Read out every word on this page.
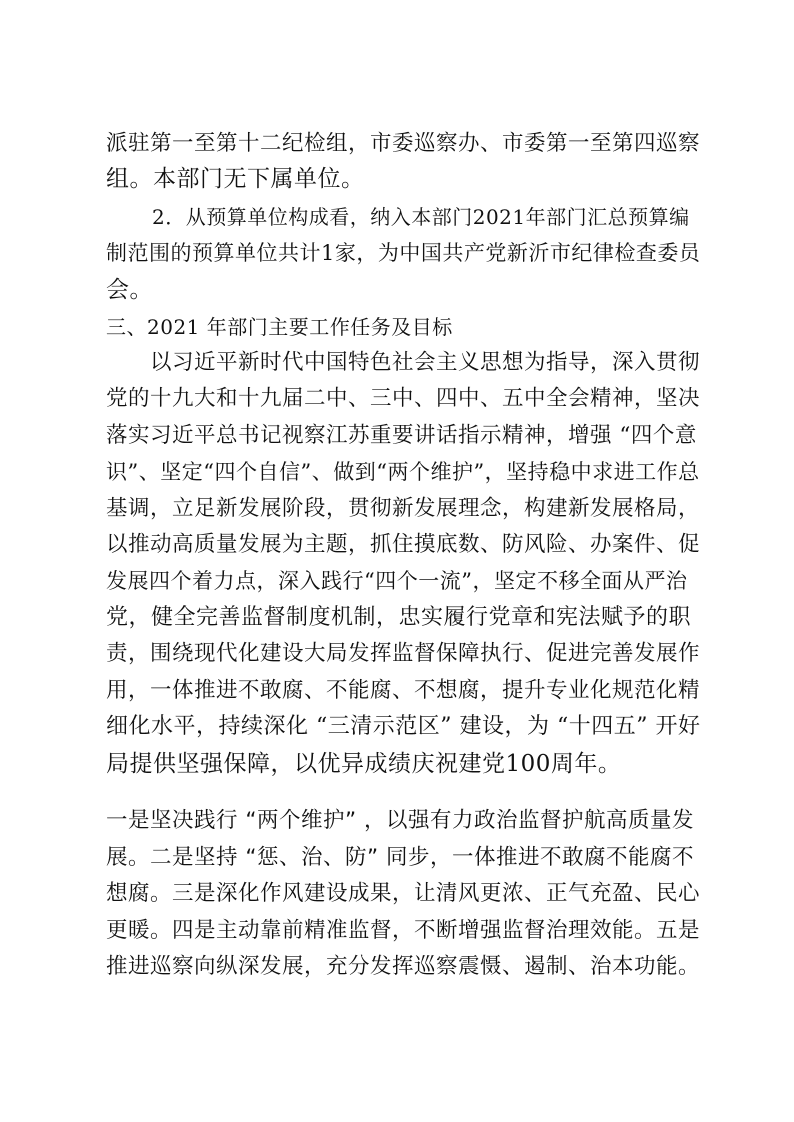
派驻第一至第十二纪检组，市委巡察办、市委第一至第四巡察
组。本部门无下属单位。
2．从预算单位构成看，纳入本部门2021年部门汇总预算编
制范围的预算单位共计1家，为中国共产党新沂市纪律检查委员
会。
三、2021 年部门主要工作任务及目标
以习近平新时代中国特色社会主义思想为指导，深入贯彻
党的十九大和十九届二中、三中、四中、五中全会精神，坚决
落实习近平总书记视察江苏重要讲话指示精神，增强 “四个意
识”、坚定“四个自信”、做到“两个维护”，坚持稳中求进工作总
基调，立足新发展阶段，贯彻新发展理念，构建新发展格局，
以推动高质量发展为主题，抓住摸底数、防风险、办案件、促
发展四个着力点，深入践行“四个一流”，坚定不移全面从严治
党，健全完善监督制度机制，忠实履行党章和宪法赋予的职
责，围绕现代化建设大局发挥监督保障执行、促进完善发展作
用，一体推进不敢腐、不能腐、不想腐，提升专业化规范化精
细化水平，持续深化 “三清示范区” 建设，为 “十四五” 开好
局提供坚强保障，以优异成绩庆祝建党100周年。
一是坚决践行 “两个维护” ，以强有力政治监督护航高质量发
展。二是坚持 “惩、治、防” 同步，一体推进不敢腐不能腐不
想腐。三是深化作风建设成果，让清风更浓、正气充盈、民心
更暖。四是主动靠前精准监督，不断增强监督治理效能。五是
推进巡察向纵深发展，充分发挥巡察震慑、遏制、治本功能。
